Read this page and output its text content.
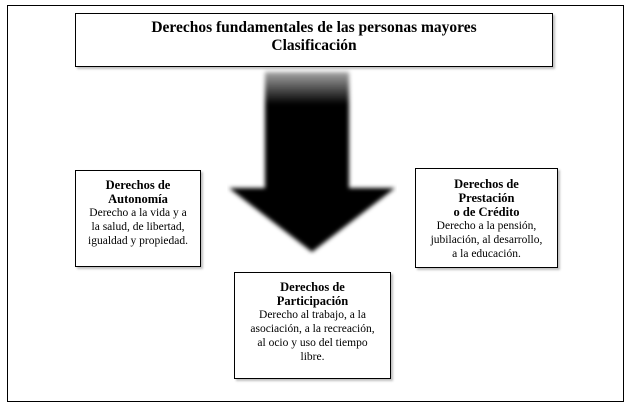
Derechos fundamentales de las personas mayores
Clasificación
Derechos de
Autonomía
Derecho a la vida y a
la salud, de libertad,
igualdad y propiedad.
Derechos de
Prestación
o de Crédito
Derecho a la pensión,
jubilación, al desarrollo,
a la educación.
Derechos de
Participación
Derecho al trabajo, a la
asociación, a la recreación,
al ocio y uso del tiempo
libre.
